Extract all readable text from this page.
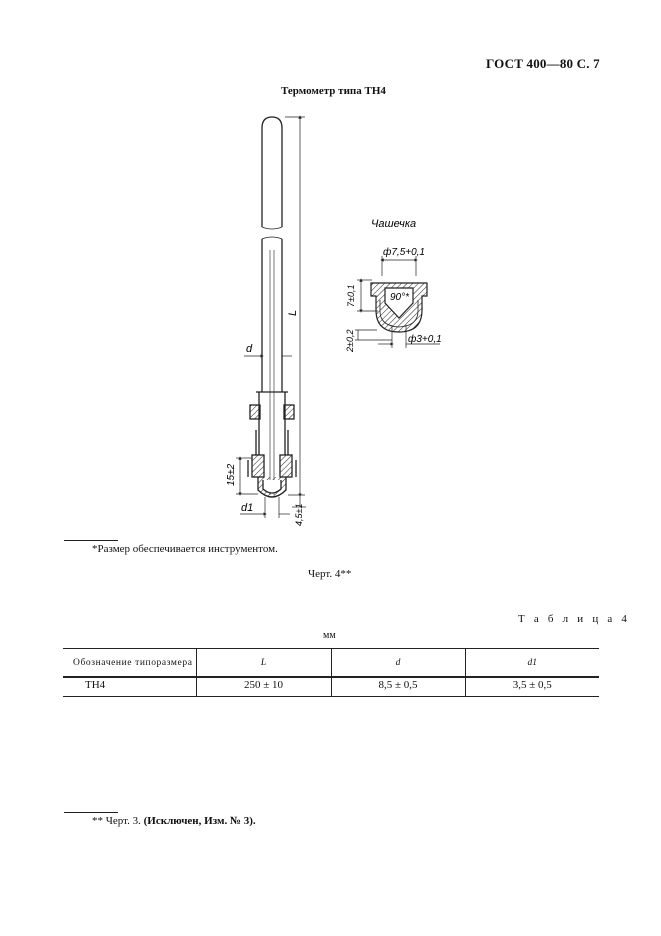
ГОСТ 400—80 С. 7
Термометр типа ТН4
L
d
15±2
d1	4,5±1
Чашечка
ф7,5+0,1
7±0,1	90°*
2±0,2	ф3+0,1
*Размер обеспечивается инструментом.
Черт. 4**
Т а б л и ц а 4
мм
Обозначение типоразмера	L	d	d1
ТН4	250 ± 10	8,5 ± 0,5	3,5 ± 0,5
** Черт. 3. (Исключен, Изм. № 3).
